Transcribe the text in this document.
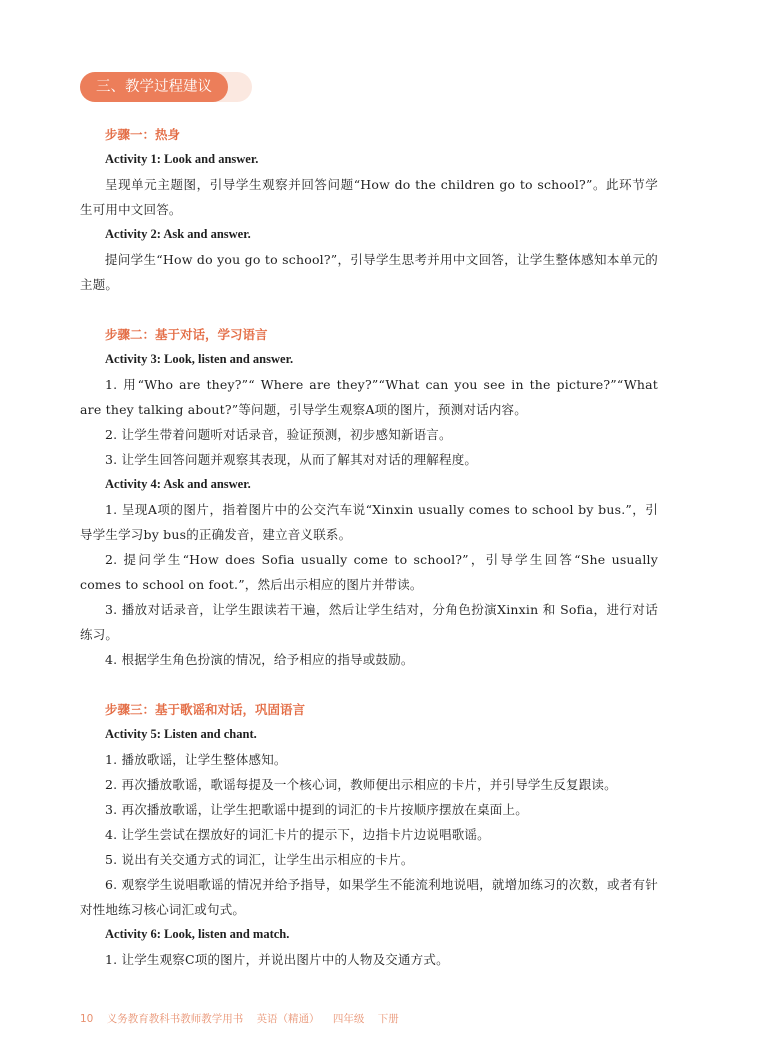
三、教学过程建议

步骤一：热身

Activity 1: Look and answer.

呈现单元主题图，引导学生观察并回答问题“How do the children go to school?”。此环节学生可用中文回答。

Activity 2: Ask and answer.

提问学生“How do you go to school?”，引导学生思考并用中文回答，让学生整体感知本单元的主题。

步骤二：基于对话，学习语言

Activity 3: Look, listen and answer.

1. 用“Who are they?”“ Where are they?”“What can you see in the picture?”“What are they talking about?”等问题，引导学生观察A项的图片，预测对话内容。

2. 让学生带着问题听对话录音，验证预测，初步感知新语言。

3. 让学生回答问题并观察其表现，从而了解其对对话的理解程度。

Activity 4: Ask and answer.

1. 呈现A项的图片，指着图片中的公交汽车说“Xinxin usually comes to school by bus.”，引导学生学习by bus的正确发音，建立音义联系。

2. 提问学生“How does Sofia usually come to school?”，引导学生回答“She usually comes to school on foot.”，然后出示相应的图片并带读。

3. 播放对话录音，让学生跟读若干遍，然后让学生结对，分角色扮演Xinxin 和 Sofia，进行对话练习。

4. 根据学生角色扮演的情况，给予相应的指导或鼓励。

步骤三：基于歌谣和对话，巩固语言

Activity 5: Listen and chant.

1. 播放歌谣，让学生整体感知。

2. 再次播放歌谣，歌谣每提及一个核心词，教师便出示相应的卡片，并引导学生反复跟读。

3. 再次播放歌谣，让学生把歌谣中提到的词汇的卡片按顺序摆放在桌面上。

4. 让学生尝试在摆放好的词汇卡片的提示下，边指卡片边说唱歌谣。

5. 说出有关交通方式的词汇，让学生出示相应的卡片。

6. 观察学生说唱歌谣的情况并给予指导，如果学生不能流利地说唱，就增加练习的次数，或者有针对性地练习核心词汇或句式。

Activity 6: Look, listen and match.

1. 让学生观察C项的图片，并说出图片中的人物及交通方式。

10 义务教育教科书教师教学用书 英语（精通） 四年级 下册
